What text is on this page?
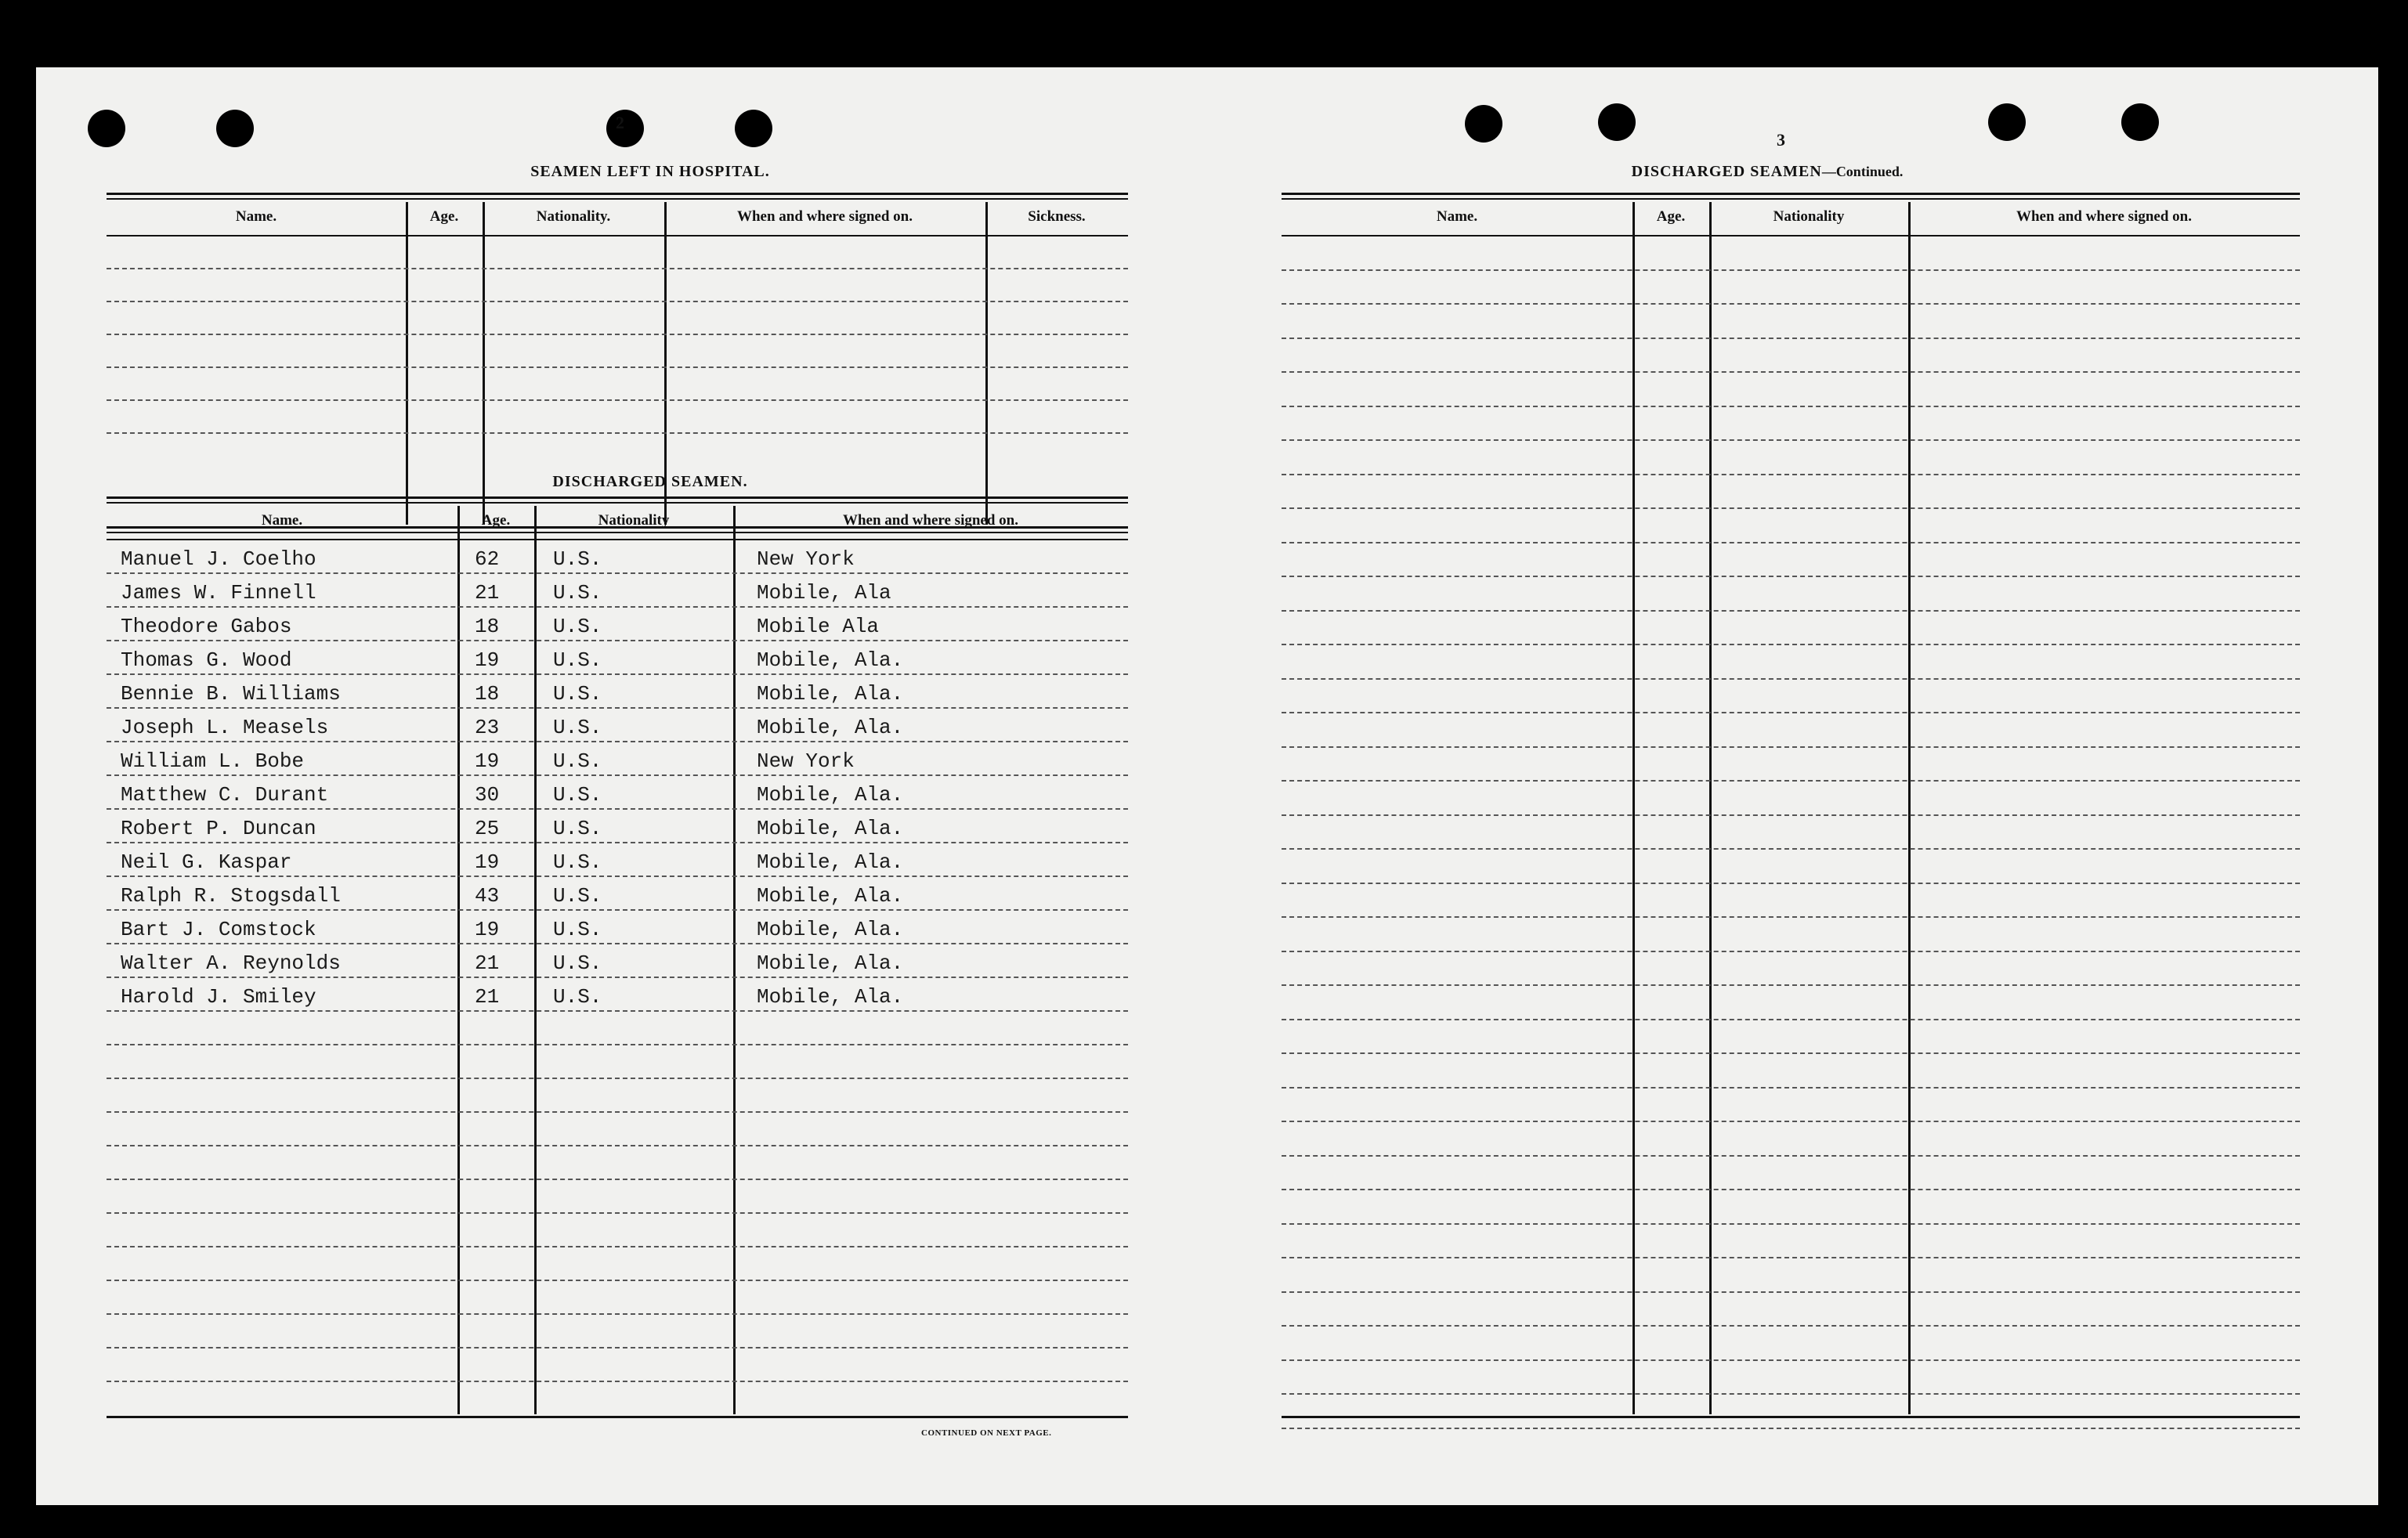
2
SEAMEN LEFT IN HOSPITAL.
Name.	Age.	Nationality.	When and where signed on.	Sickness.
DISCHARGED SEAMEN.
Name.	Age.	Nationality	When and where signed on.
Manuel J. Coelho	62	U.S.	New York
James W. Finnell	21	U.S.	Mobile, Ala
Theodore Gabos	18	U.S.	Mobile Ala
Thomas G. Wood	19	U.S.	Mobile, Ala.
Bennie B. Williams	18	U.S.	Mobile, Ala.
Joseph L. Measels	23	U.S.	Mobile, Ala.
William L. Bobe	19	U.S.	New York
Matthew C. Durant	30	U.S.	Mobile, Ala.
Robert P. Duncan	25	U.S.	Mobile, Ala.
Neil G. Kaspar	19	U.S.	Mobile, Ala.
Ralph R. Stogsdall	43	U.S.	Mobile, Ala.
Bart J. Comstock	19	U.S.	Mobile, Ala.
Walter A. Reynolds	21	U.S.	Mobile, Ala.
Harold J. Smiley	21	U.S.	Mobile, Ala.
CONTINUED ON NEXT PAGE.
3
DISCHARGED SEAMEN—Continued.
Name.	Age.	Nationality	When and where signed on.
